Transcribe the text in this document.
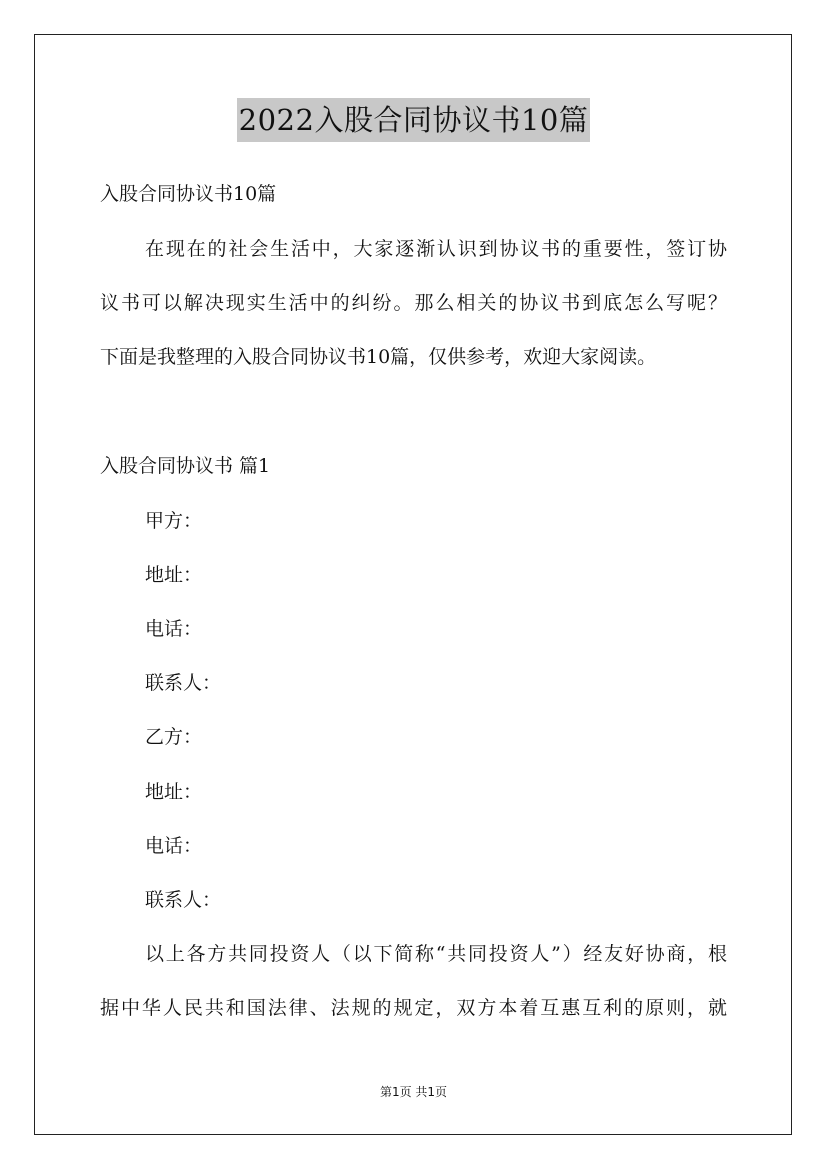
2022入股合同协议书10篇
入股合同协议书10篇
在现在的社会生活中，大家逐渐认识到协议书的重要性，签订协
议书可以解决现实生活中的纠纷。那么相关的协议书到底怎么写呢？
下面是我整理的入股合同协议书10篇，仅供参考，欢迎大家阅读。
入股合同协议书 篇1
甲方：
地址：
电话：
联系人：
乙方：
地址：
电话：
联系人：
以上各方共同投资人（以下简称“共同投资人”）经友好协商，根
据中华人民共和国法律、法规的规定，双方本着互惠互利的原则，就
第1页 共1页
